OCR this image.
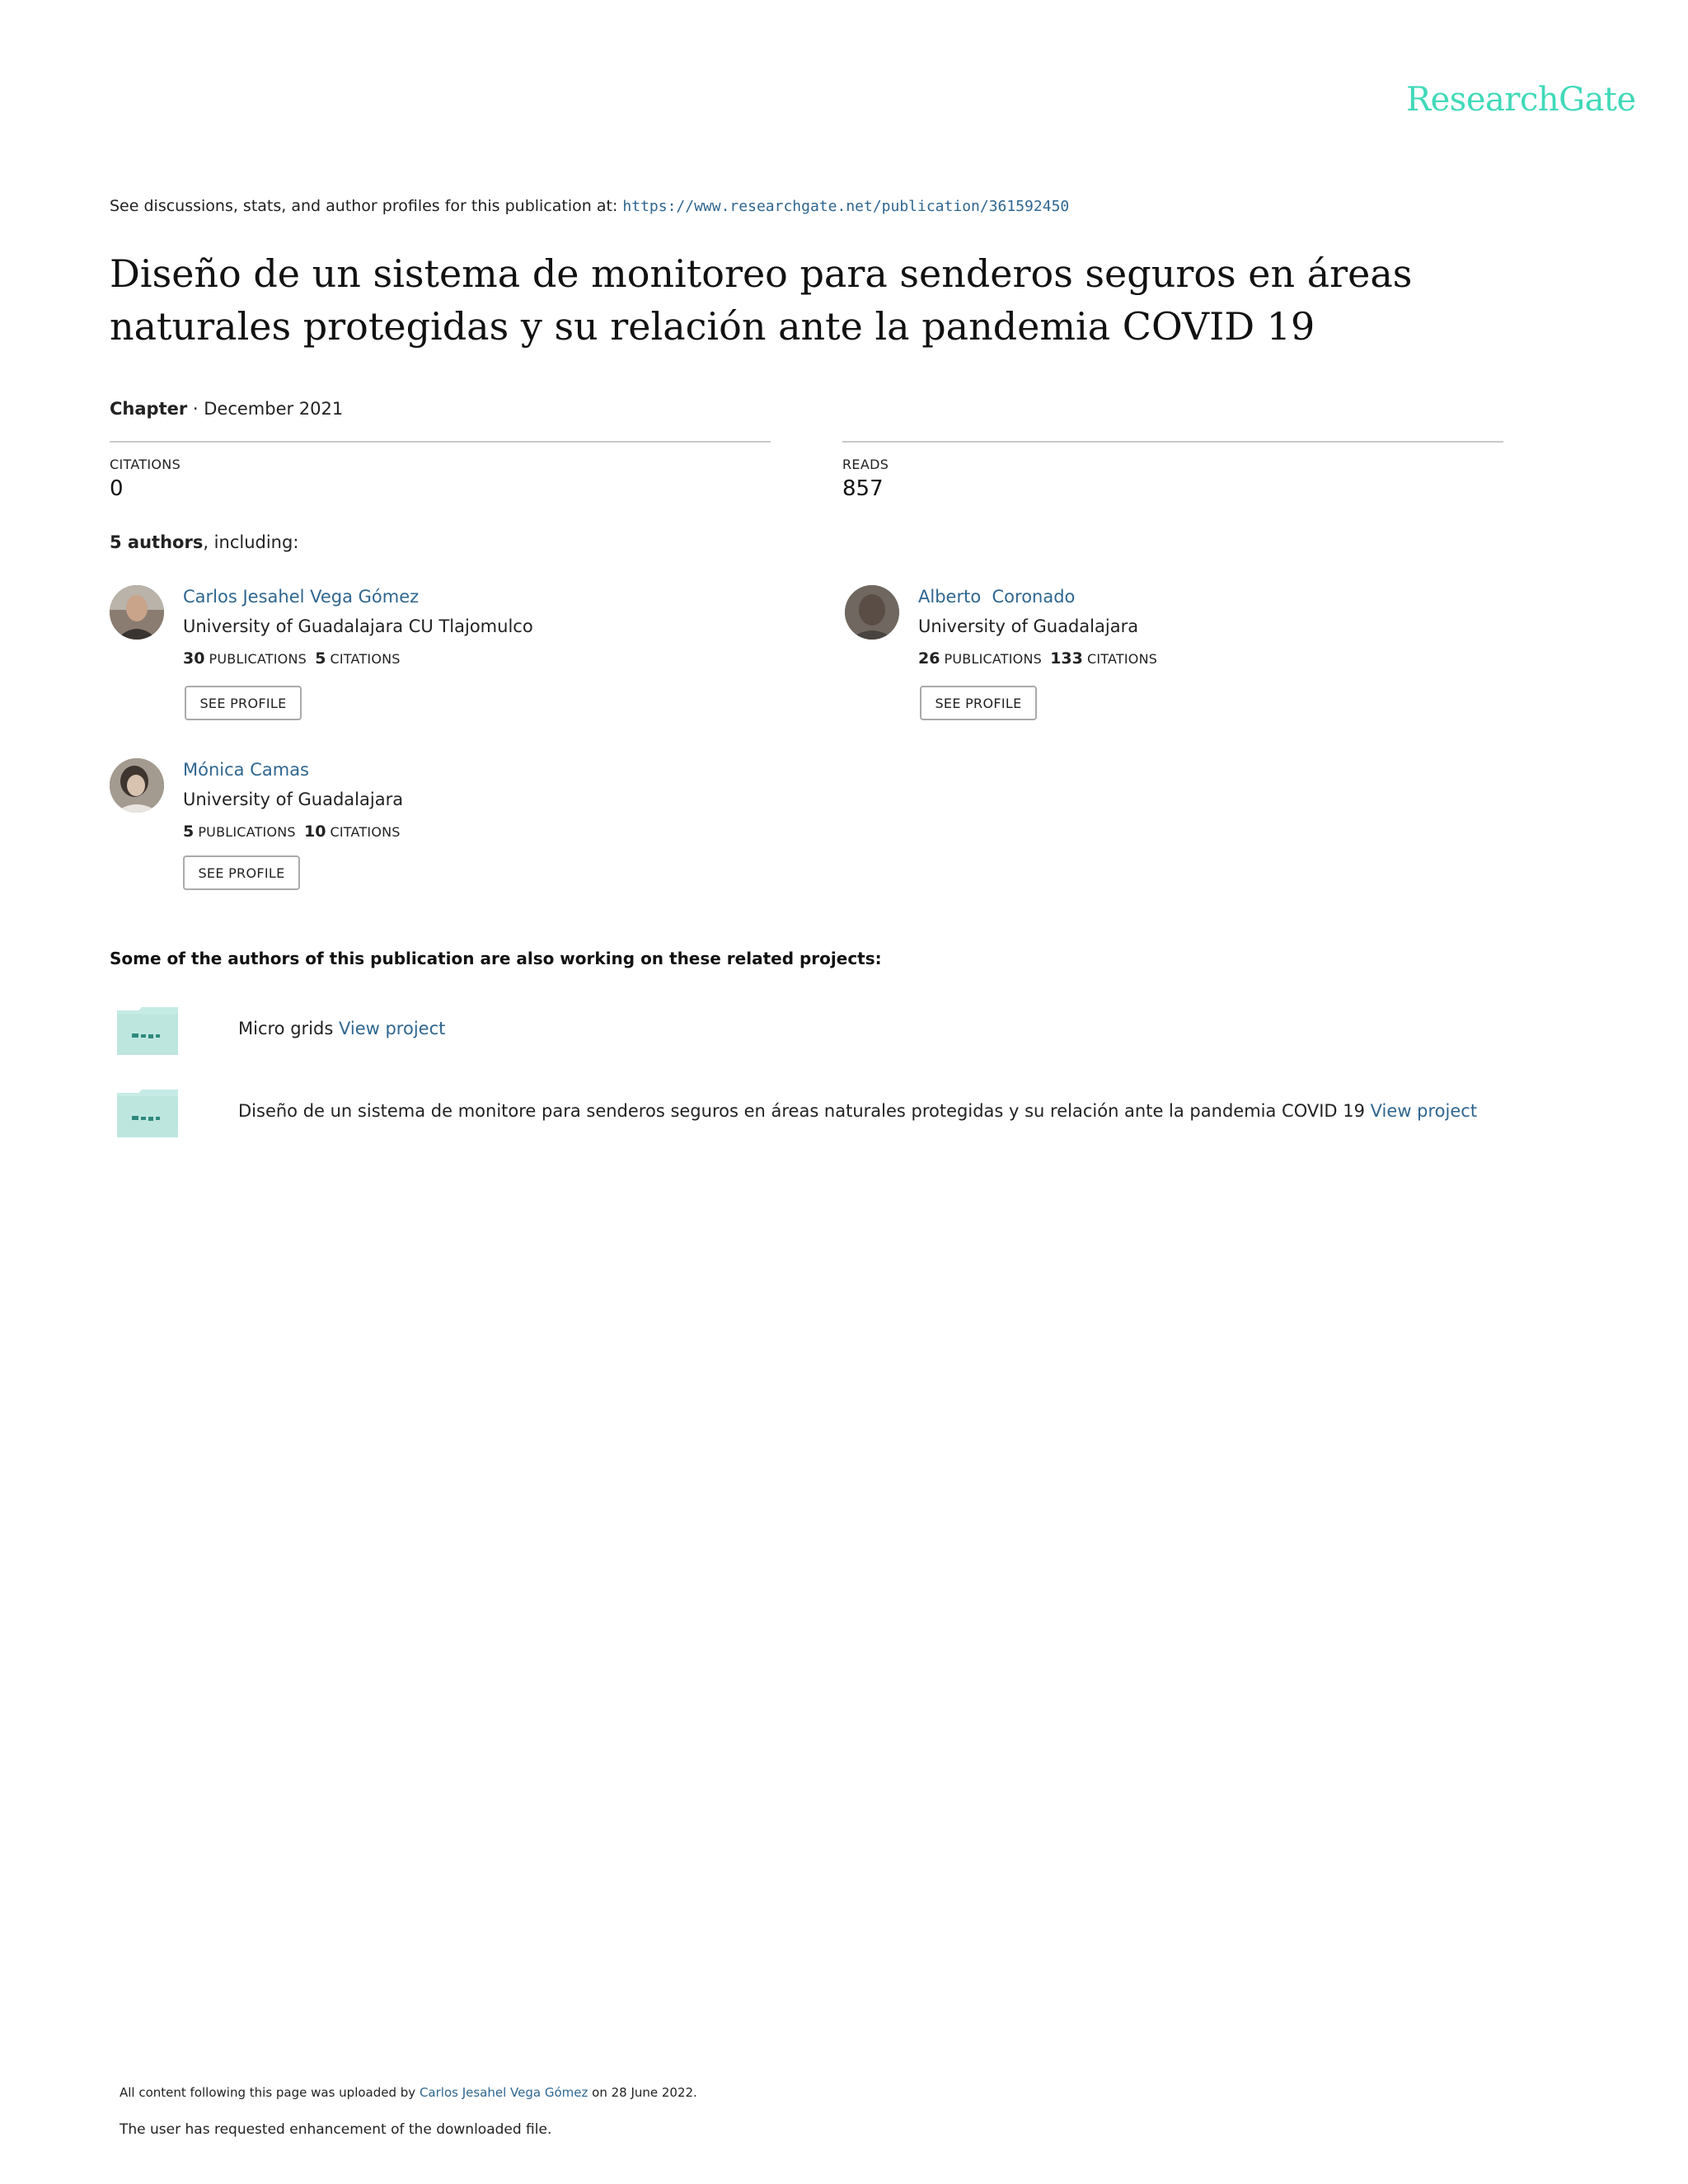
ResearchGate
See discussions, stats, and author profiles for this publication at: https://www.researchgate.net/publication/361592450
Diseño de un sistema de monitoreo para senderos seguros en áreas naturales protegidas y su relación ante la pandemia COVID 19
Chapter · December 2021
CITATIONS
0
READS
857
5 authors, including:
Carlos Jesahel Vega Gómez
University of Guadalajara CU Tlajomulco
30 PUBLICATIONS 5 CITATIONS
SEE PROFILE
Alberto  Coronado
University of Guadalajara
26 PUBLICATIONS 133 CITATIONS
SEE PROFILE
Mónica Camas
University of Guadalajara
5 PUBLICATIONS 10 CITATIONS
SEE PROFILE
Some of the authors of this publication are also working on these related projects:
Micro grids View project
Diseño de un sistema de monitore para senderos seguros en áreas naturales protegidas y su relación ante la pandemia COVID 19 View project
All content following this page was uploaded by Carlos Jesahel Vega Gómez on 28 June 2022.
The user has requested enhancement of the downloaded file.
